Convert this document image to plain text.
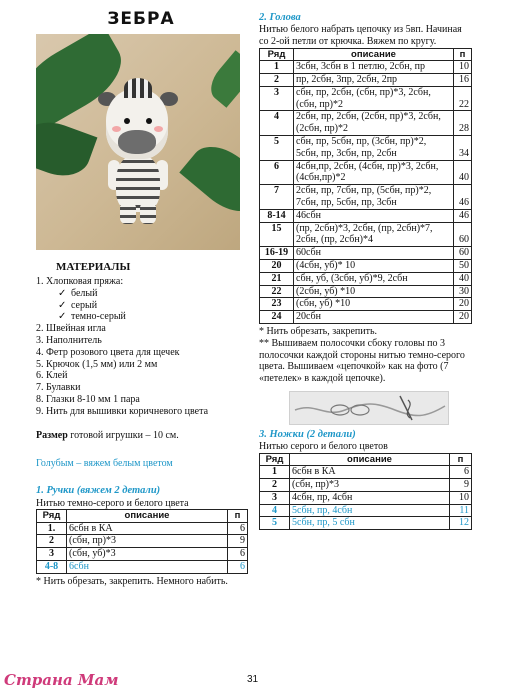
ЗЕБРА
МАТЕРИАЛЫ
1. Хлопковая пряжа:
✓ белый
✓ серый
✓ темно-серый
2. Швейная игла
3. Наполнитель
4. Фетр розового цвета для щечек
5. Крючок (1,5 мм) или 2 мм
6. Клей
7. Булавки
8. Глазки 8-10 мм 1 пара
9. Нить для вышивки коричневого цвета
Размер готовой игрушки – 10 см.
Голубым – вяжем белым цветом
1. Ручки (вяжем 2 детали)
Нитью темно-серого и белого цвета
Ряд	описание	п
1.	6сбн в КА	6
2	(сбн, пр)*3	9
3	(сбн, уб)*3	6
4-8	6сбн	6
* Нить обрезать, закрепить. Немного набить.
2. Голова
Нитью белого набрать цепочку из 5вп. Начиная со 2-ой петли от крючка. Вяжем по кругу.
Ряд	описание	п
1	3сбн, 3сбн в 1 петлю, 2сбн, пр	10
2	пр, 2сбн, 3пр, 2сбн, 2пр	16
3	сбн, пр, 2сбн, (сбн, пр)*3, 2сбн, (сбн, пр)*2	22
4	2сбн, пр, 2сбн, (2сбн, пр)*3, 2сбн, (2сбн, пр)*2	28
5	сбн, пр, 5сбн, пр, (3сбн, пр)*2, 5сбн, пр, 3сбн, пр, 2сбн	34
6	4сбн,пр, 2сбн, (4сбн, пр)*3, 2сбн, (4сбн,пр)*2	40
7	2сбн, пр, 7сбн, пр, (5сбн, пр)*2, 7сбн, пр, 5сбн, пр, 3сбн	46
8-14	46сбн	46
15	(пр, 2сбн)*3, 2сбн, (пр, 2сбн)*7, 2сбн, (пр, 2сбн)*4	60
16-19	60сбн	60
20	(4сбн, уб)* 10	50
21	сбн, уб, (3сбн, уб)*9, 2сбн	40
22	(2сбн, уб) *10	30
23	(сбн, уб) *10	20
24	20сбн	20
* Нить обрезать, закрепить.
** Вышиваем полосочки сбоку головы по 3 полосочки каждой стороны нитью темно-серого цвета. Вышиваем «цепочкой» как на фото (7 «петелек» в каждой цепочке).
3. Ножки (2 детали)
Нитью серого и белого цветов
Ряд	описание	п
1	6сбн в КА	6
2	(сбн, пр)*3	9
3	4сбн, пр, 4сбн	10
4	5сбн, пр, 4сбн	11
5	5сбн, пр, 5 сбн	12
31
Страна Мам
